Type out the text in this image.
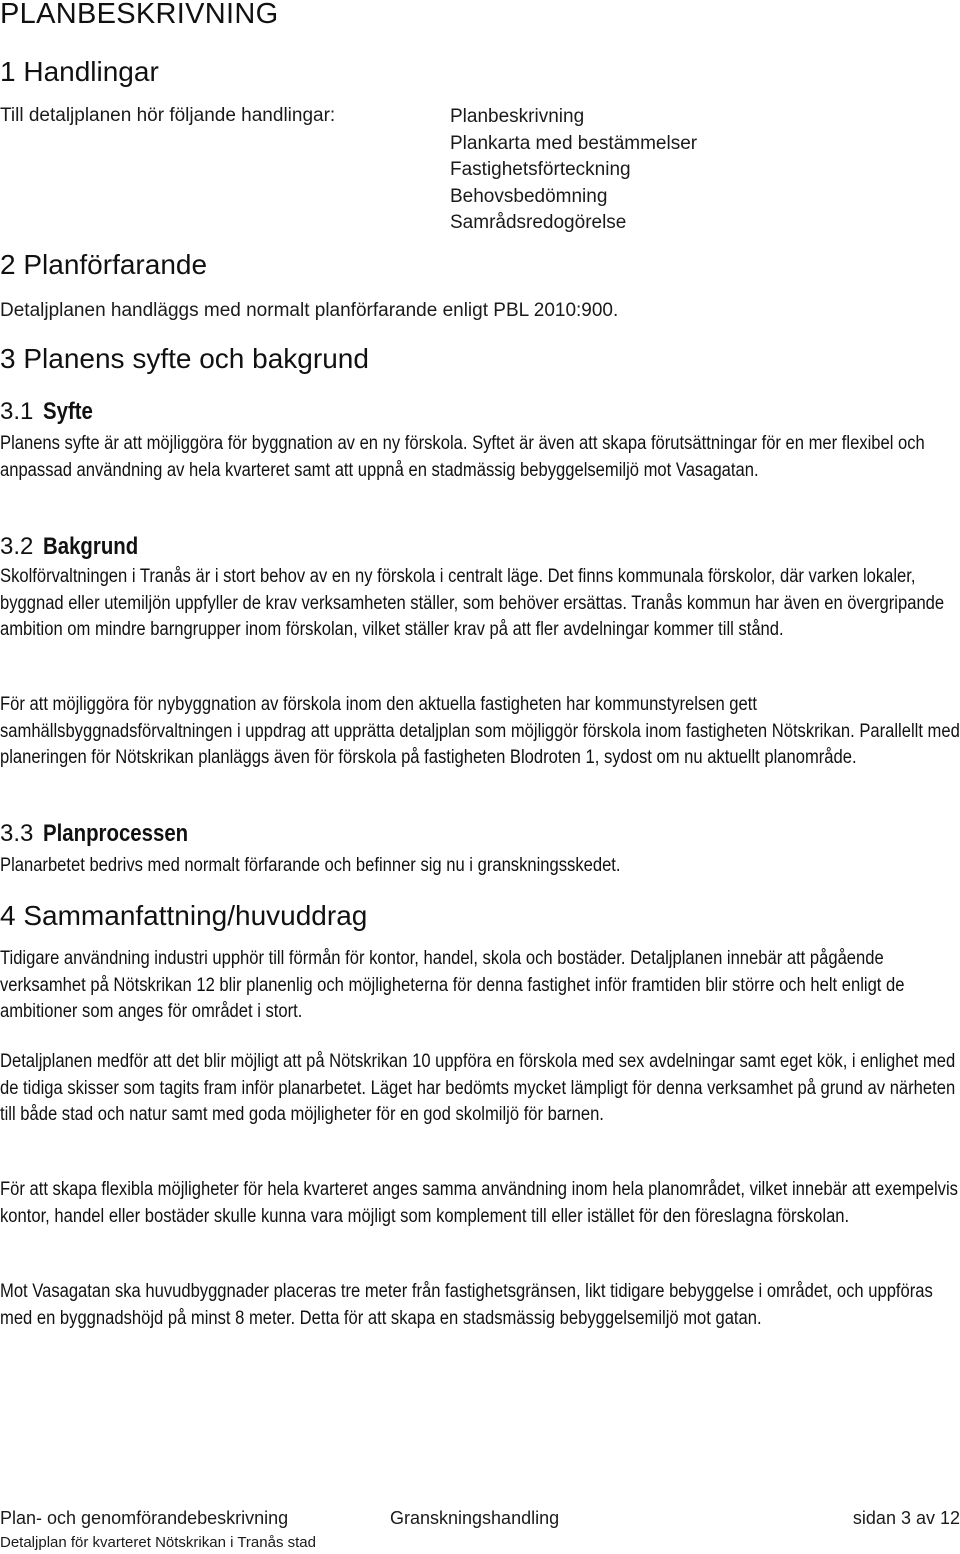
PLANBESKRIVNING
1 Handlingar
Till detaljplanen hör följande handlingar:	Planbeskrivning
Plankarta med bestämmelser
Fastighetsförteckning
Behovsbedömning
Samrådsredogörelse
2 Planförfarande
Detaljplanen handläggs med normalt planförfarande enligt PBL 2010:900.
3 Planens syfte och bakgrund
3.1 Syfte

Planens syfte är att möjliggöra för byggnation av en ny förskola. Syftet är även att skapa förutsättningar för en mer flexibel och anpassad användning av hela kvarteret samt att uppnå en stadmässig bebyggelsemiljö mot Vasagatan.

3.2 Bakgrund

Skolförvaltningen i Tranås är i stort behov av en ny förskola i centralt läge. Det finns kommunala förskolor, där varken lokaler, byggnad eller utemiljön uppfyller de krav verksamheten ställer, som behöver ersättas. Tranås kommun har även en övergripande ambition om mindre barngrupper inom förskolan, vilket ställer krav på att fler avdelningar kommer till stånd.

För att möjliggöra för nybyggnation av förskola inom den aktuella fastigheten har kommunstyrelsen gett samhällsbyggnadsförvaltningen i uppdrag att upprätta detaljplan som möjliggör förskola inom fastigheten Nötskrikan. Parallellt med planeringen för Nötskrikan planläggs även för förskola på fastigheten Blodroten 1, sydost om nu aktuellt planområde.

3.3 Planprocessen

Planarbetet bedrivs med normalt förfarande och befinner sig nu i granskningsskedet.

4 Sammanfattning/huvuddrag

Tidigare användning industri upphör till förmån för kontor, handel, skola och bostäder. Detaljplanen innebär att pågående verksamhet på Nötskrikan 12 blir planenlig och möjligheterna för denna fastighet inför framtiden blir större och helt enligt de ambitioner som anges för området i stort.

Detaljplanen medför att det blir möjligt att på Nötskrikan 10 uppföra en förskola med sex avdelningar samt eget kök, i enlighet med de tidiga skisser som tagits fram inför planarbetet. Läget har bedömts mycket lämpligt för denna verksamhet på grund av närheten till både stad och natur samt med goda möjligheter för en god skolmiljö för barnen.

För att skapa flexibla möjligheter för hela kvarteret anges samma användning inom hela planområdet, vilket innebär att exempelvis kontor, handel eller bostäder skulle kunna vara möjligt som komplement till eller istället för den föreslagna förskolan.

Mot Vasagatan ska huvudbyggnader placeras tre meter från fastighetsgränsen, likt tidigare bebyggelse i området, och uppföras med en byggnadshöjd på minst 8 meter. Detta för att skapa en stadsmässig bebyggelsemiljö mot gatan.

Plan- och genomförandebeskrivning	Granskningshandling	sidan 3 av 12
Detaljplan för kvarteret Nötskrikan i Tranås stad
